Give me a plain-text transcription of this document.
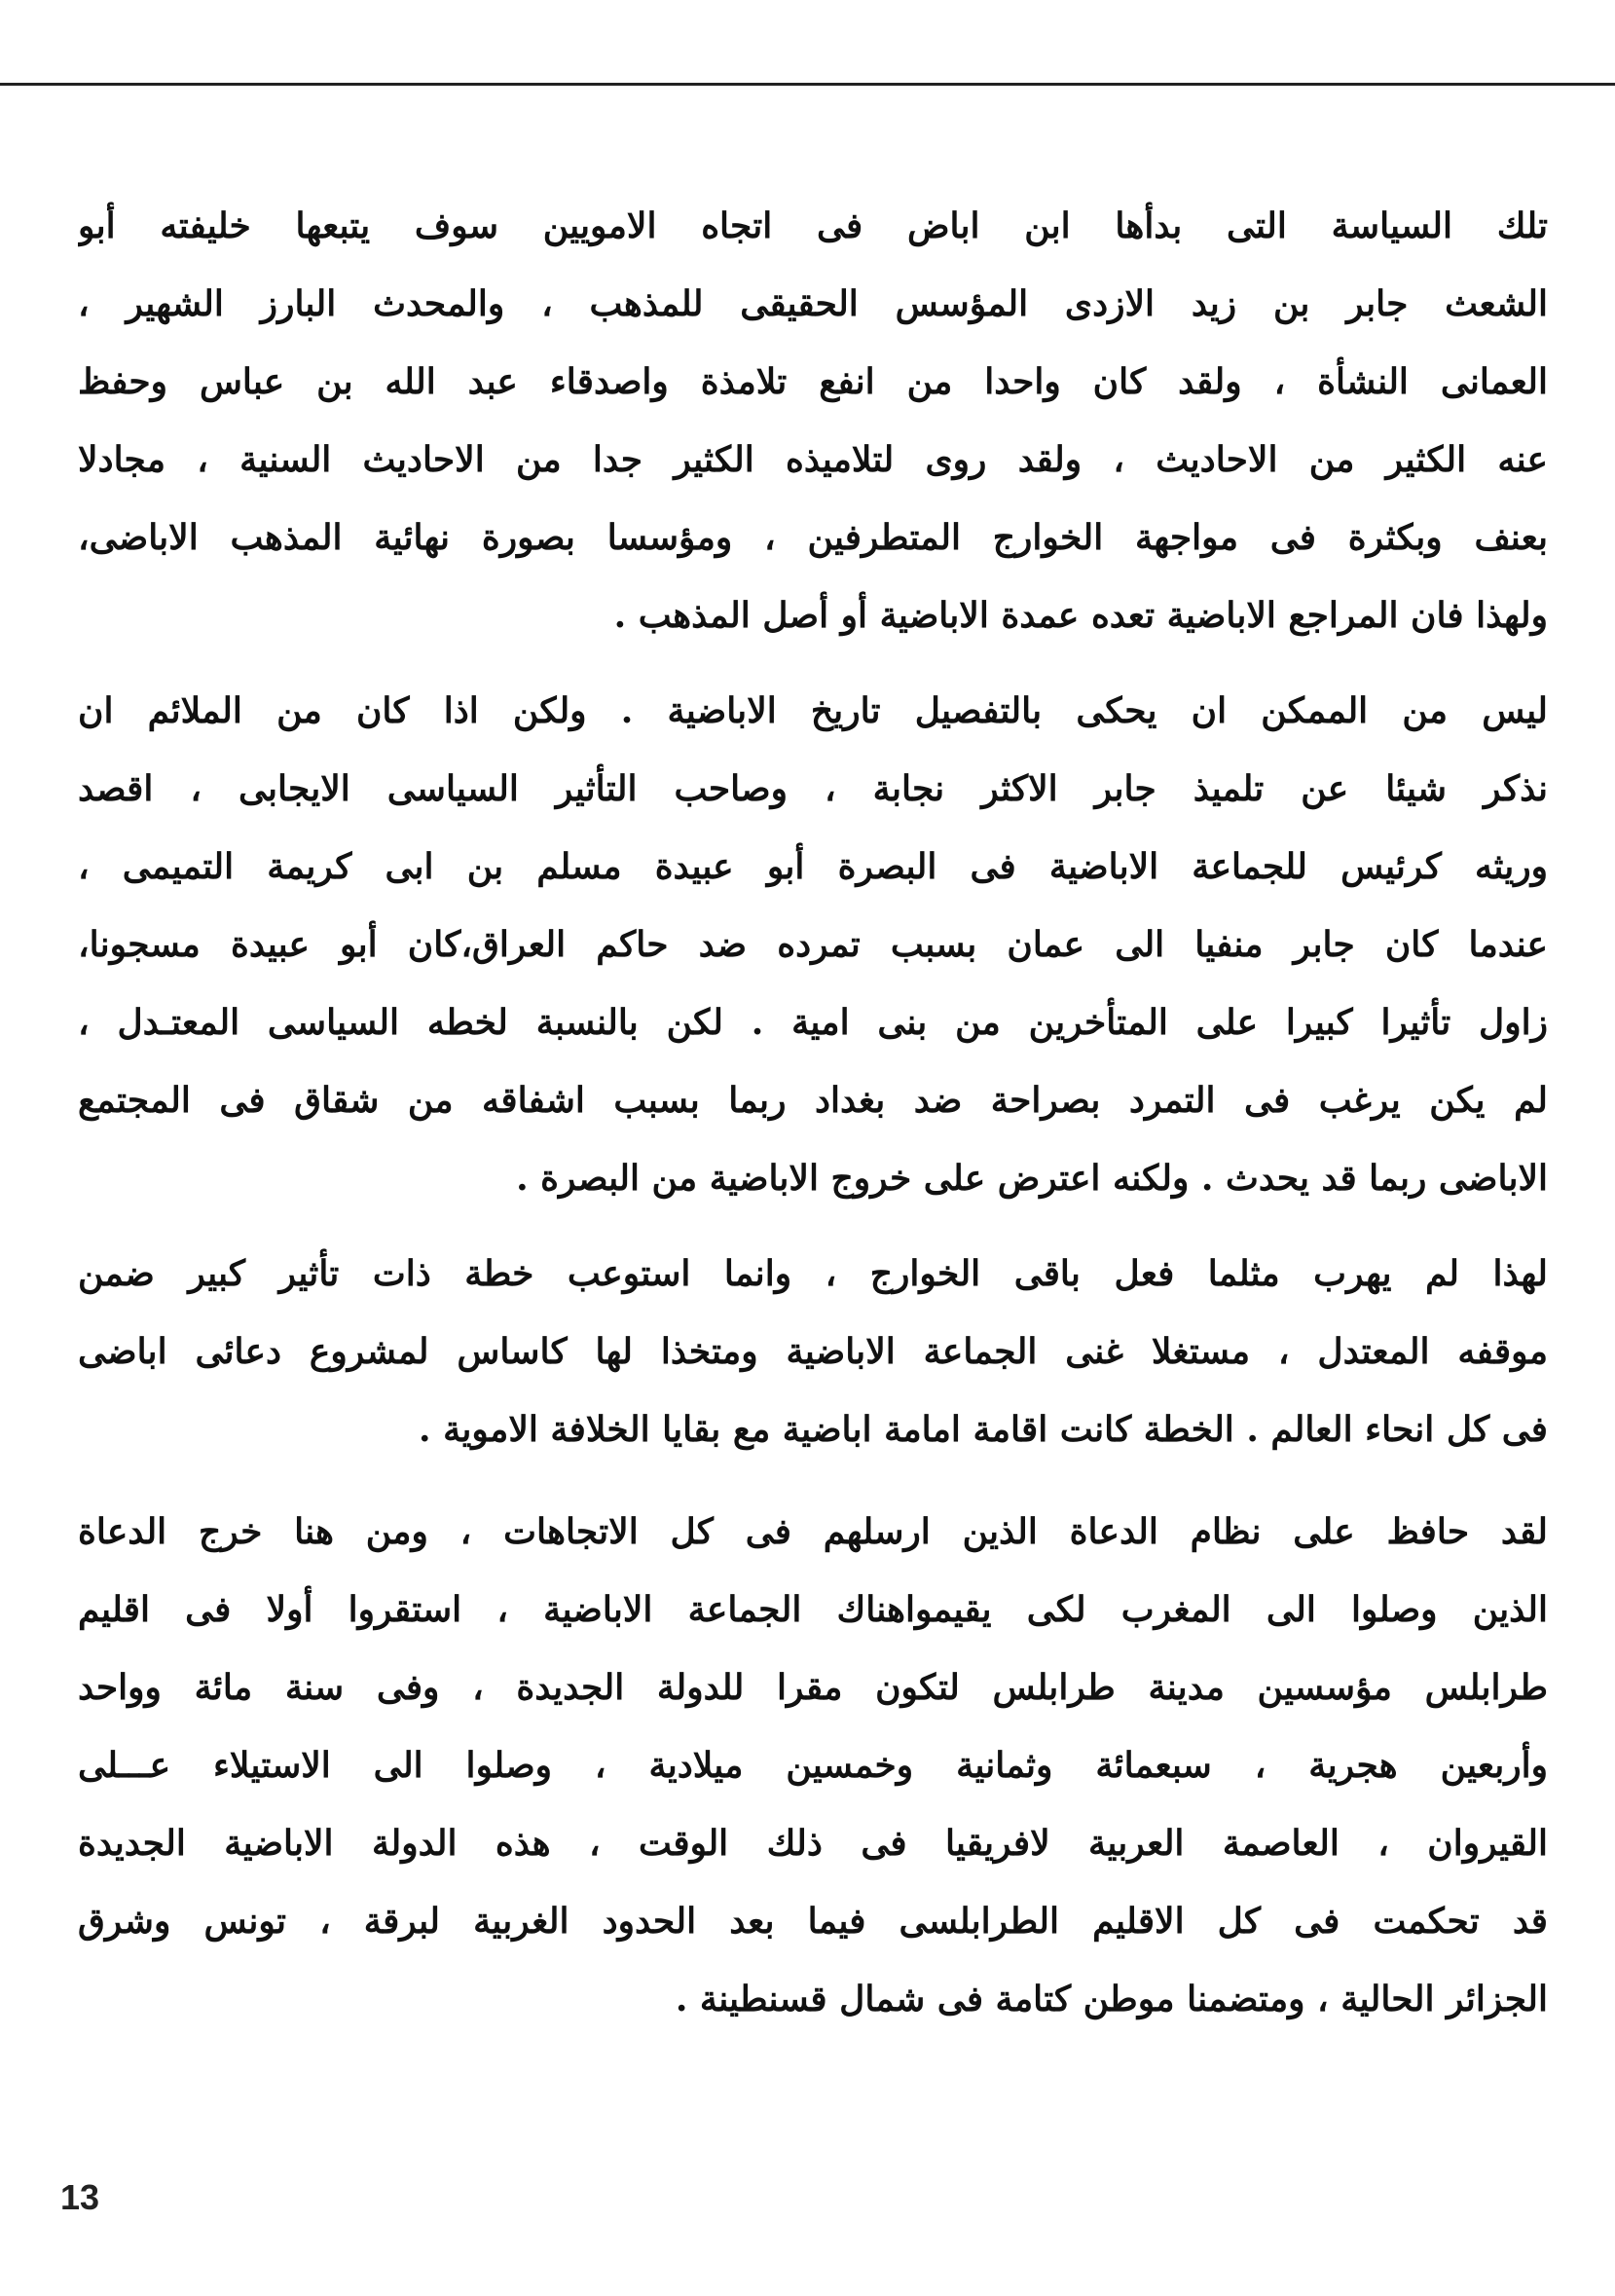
تلك السياسة التى بدأها ابن اباض فى اتجاه الامويين سوف يتبعها خليفته أبو
الشعث جابر بن زيد الازدى المؤسس الحقيقى للمذهب ، والمحدث البارز الشهير ،
العمانى النشأة ، ولقد كان واحدا من انفع تلامذة واصدقاء عبد الله بن عباس وحفظ
عنه الكثير من الاحاديث ، ولقد روى لتلاميذه الكثير جدا من الاحاديث السنية ، مجادلا
بعنف وبكثرة فى مواجهة الخوارج المتطرفين ، ومؤسسا بصورة نهائية المذهب الاباضى،
ولهذا فان المراجع الاباضية تعده عمدة الاباضية أو أصل المذهب .
ليس من الممكن ان يحكى بالتفصيل تاريخ الاباضية . ولكن اذا كان من الملائم ان
نذكر شيئا عن تلميذ جابر الاكثر نجابة ، وصاحب التأثير السياسى الايجابى ، اقصد
وريثه كرئيس للجماعة الاباضية فى البصرة أبو عبيدة مسلم بن ابى كريمة التميمى ،
عندما كان جابر منفيا الى عمان بسبب تمرده ضد حاكم العراق،كان أبو عبيدة مسجونا،
زاول تأثيرا كبيرا على المتأخرين من بنى امية . لكن بالنسبة لخطه السياسى المعتـدل ،
لم يكن يرغب فى التمرد بصراحة ضد بغداد ربما بسبب اشفاقه من شقاق فى المجتمع
الاباضى ربما قد يحدث . ولكنه اعترض على خروج الاباضية من البصرة .
لهذا لم يهرب مثلما فعل باقى الخوارج ، وانما استوعب خطة ذات تأثير كبير ضمن
موقفه المعتدل ، مستغلا غنى الجماعة الاباضية ومتخذا لها كاساس لمشروع دعائى اباضى
فى كل انحاء العالم . الخطة كانت اقامة امامة اباضية مع بقايا الخلافة الاموية .
لقد حافظ على نظام الدعاة الذين ارسلهم فى كل الاتجاهات ، ومن هنا خرج الدعاة
الذين وصلوا الى المغرب لكى يقيمواهناك الجماعة الاباضية ، استقروا أولا فى اقليم
طرابلس مؤسسين مدينة طرابلس لتكون مقرا للدولة الجديدة ، وفى سنة مائة وواحد
وأربعين هجرية ، سبعمائة وثمانية وخمسين ميلادية ، وصلوا الى الاستيلاء عـــلى
القيروان ، العاصمة العربية لافريقيا فى ذلك الوقت ، هذه الدولة الاباضية الجديدة
قد تحكمت فى كل الاقليم الطرابلسى فيما بعد الحدود الغربية لبرقة ، تونس وشرق
الجزائر الحالية ، ومتضمنا موطن كتامة فى شمال قسنطينة .
13
